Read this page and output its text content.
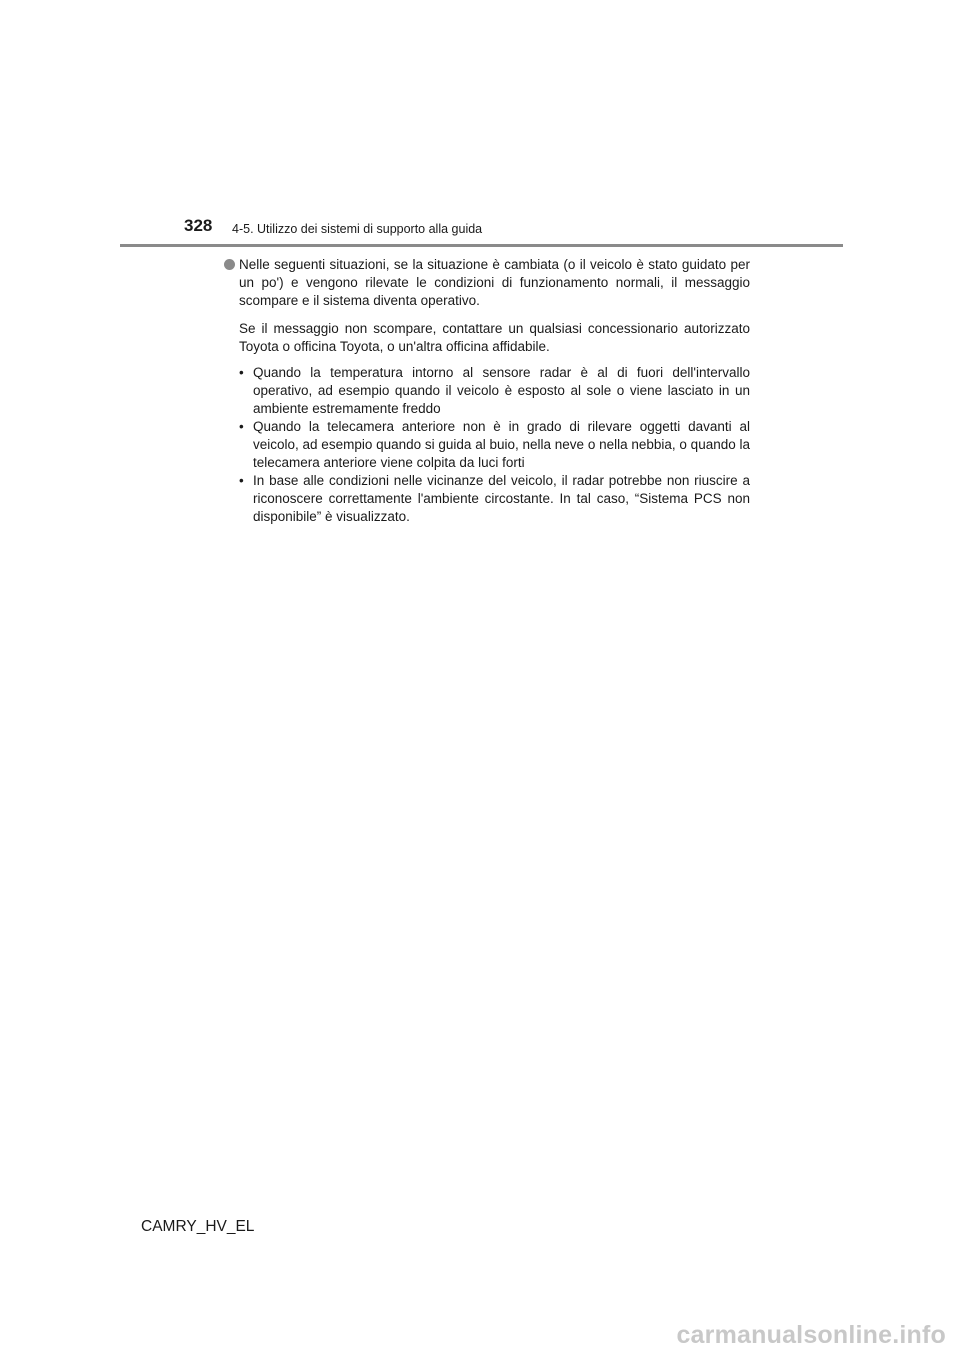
328 4-5. Utilizzo dei sistemi di supporto alla guida

Nelle seguenti situazioni, se la situazione è cambiata (o il veicolo è stato guidato per un po') e vengono rilevate le condizioni di funzionamento normali, il messaggio scompare e il sistema diventa operativo.

Se il messaggio non scompare, contattare un qualsiasi concessionario autorizzato Toyota o officina Toyota, o un'altra officina affidabile.

• Quando la temperatura intorno al sensore radar è al di fuori dell'intervallo operativo, ad esempio quando il veicolo è esposto al sole o viene lasciato in un ambiente estremamente freddo
• Quando la telecamera anteriore non è in grado di rilevare oggetti davanti al veicolo, ad esempio quando si guida al buio, nella neve o nella nebbia, o quando la telecamera anteriore viene colpita da luci forti
• In base alle condizioni nelle vicinanze del veicolo, il radar potrebbe non riuscire a riconoscere correttamente l'ambiente circostante. In tal caso, “Sistema PCS non disponibile” è visualizzato.
CAMRY_HV_EL
carmanualsonline.info
